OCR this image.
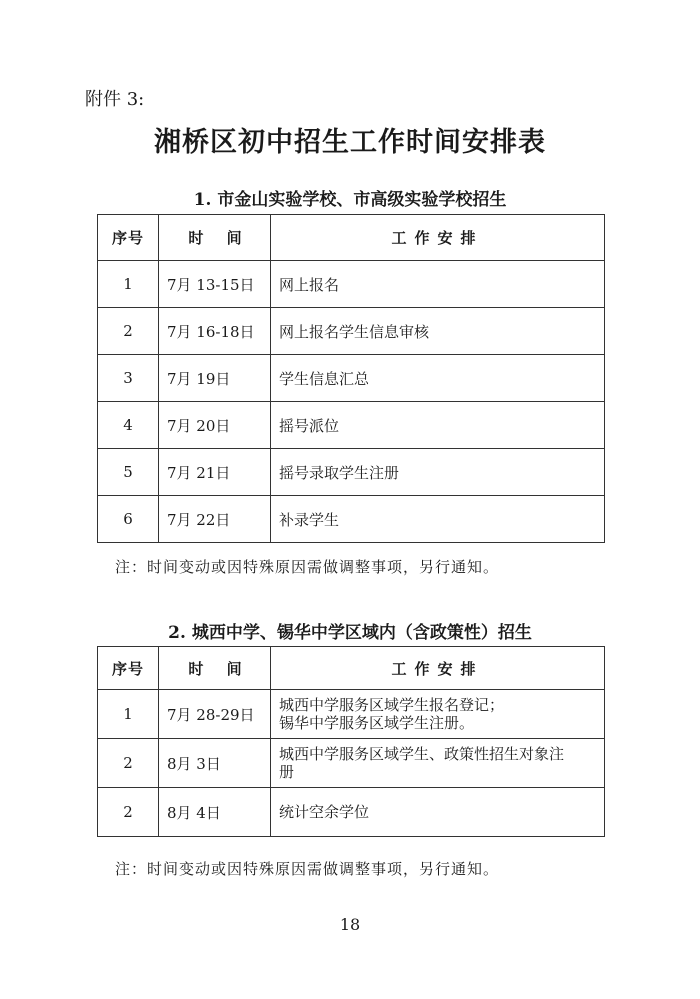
附件 3:
湘桥区初中招生工作时间安排表
1. 市金山实验学校、市高级实验学校招生
序号	时 间	工作安排
1	7月 13-15日	网上报名
2	7月 16-18日	网上报名学生信息审核
3	7月 19日	学生信息汇总
4	7月 20日	摇号派位
5	7月 21日	摇号录取学生注册
6	7月 22日	补录学生
注：时间变动或因特殊原因需做调整事项，另行通知。
2. 城西中学、锡华中学区域内（含政策性）招生
序号	时 间	工作安排
1	7月 28-29日	城西中学服务区域学生报名登记；
锡华中学服务区域学生注册。

2	8月 3日	城西中学服务区域学生、政策性招生对象注
册

2	8月 4日	统计空余学位
注：时间变动或因特殊原因需做调整事项，另行通知。
18
